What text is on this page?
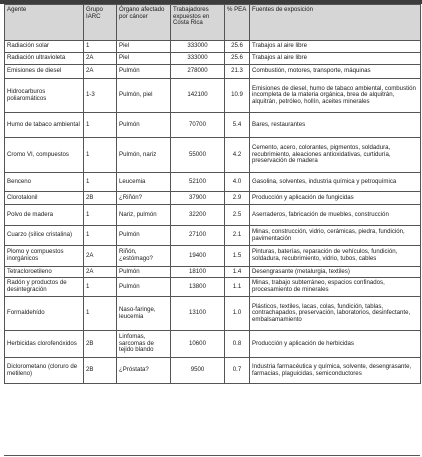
Agente	Grupo IARC	Órgano afectado por cáncer	Trabajadores expuestos en Costa Rica	% PEA	Fuentes de exposición
Radiación solar	1	Piel	333000	25.6	Trabajos al aire libre
Radiación ultravioleta	2A	Piel	333000	25.6	Trabajos al aire libre
Emisiones de diesel	2A	Pulmón	278000	21.3	Combustión, motores, transporte, máquinas
Hidrocarburos poliaromáticos	1-3	Pulmón, piel	142100	10.9	Emisiones de diesel, humo de tabaco ambiental, combustión incompleta de la materia orgánica, brea de alquitrán, alquitrán, petróleo, hollín, aceites minerales
Humo de tabaco ambiental	1	Pulmón	70700	5.4	Bares, restaurantes
Cromo VI, compuestos	1	Pulmón, nariz	55000	4.2	Cemento, acero, colorantes, pigmentos, soldadura, recubrimiento, aleaciones antioxidativas, curtiduría, preservación de madera
Benceno	1	Leucemia	52100	4.0	Gasolina, solventes, industria química y petroquímica
Clorotalonil	2B	¿Riñón?	37900	2.9	Producción y aplicación de fungicidas
Polvo de madera	1	Nariz, pulmón	32200	2.5	Aserraderos, fabricación de muebles, construcción
Cuarzo (sílice cristalina)	1	Pulmón	27100	2.1	Minas, construcción, vidrio, cerámicas, piedra, fundición, pavimentación
Plomo y compuestos inorgánicos	2A	Riñón, ¿estómago?	19400	1.5	Pinturas, baterías, reparación de vehículos, fundición, soldadura, recubrimiento, vidrio, tubos, cables
Tetracloroetileno	2A	Pulmón	18100	1.4	Desengrasante (metalurgia, textiles)
Radón y productos de desintegración	1	Pulmón	13800	1.1	Minas, trabajo subterráneo, espacios confinados, procesamiento de minerales
Formaldehído	1	Naso-faringe, leucemia	13100	1.0	Plásticos, textiles, lacas, colas, fundición, tablas, contrachapados, preservación, laboratorios, desinfectante, embalsamamiento
Herbicidas clorofenóxidos	2B	Linfomas, sarcomas de tejido blando	10600	0.8	Producción y aplicación de herbicidas
Diclorometano (cloruro de metileno)	2B	¿Próstata?	9500	0.7	Industria farmacéutica y química, solvente, desengrasante, farmacias, plaguicidas, semiconductores
